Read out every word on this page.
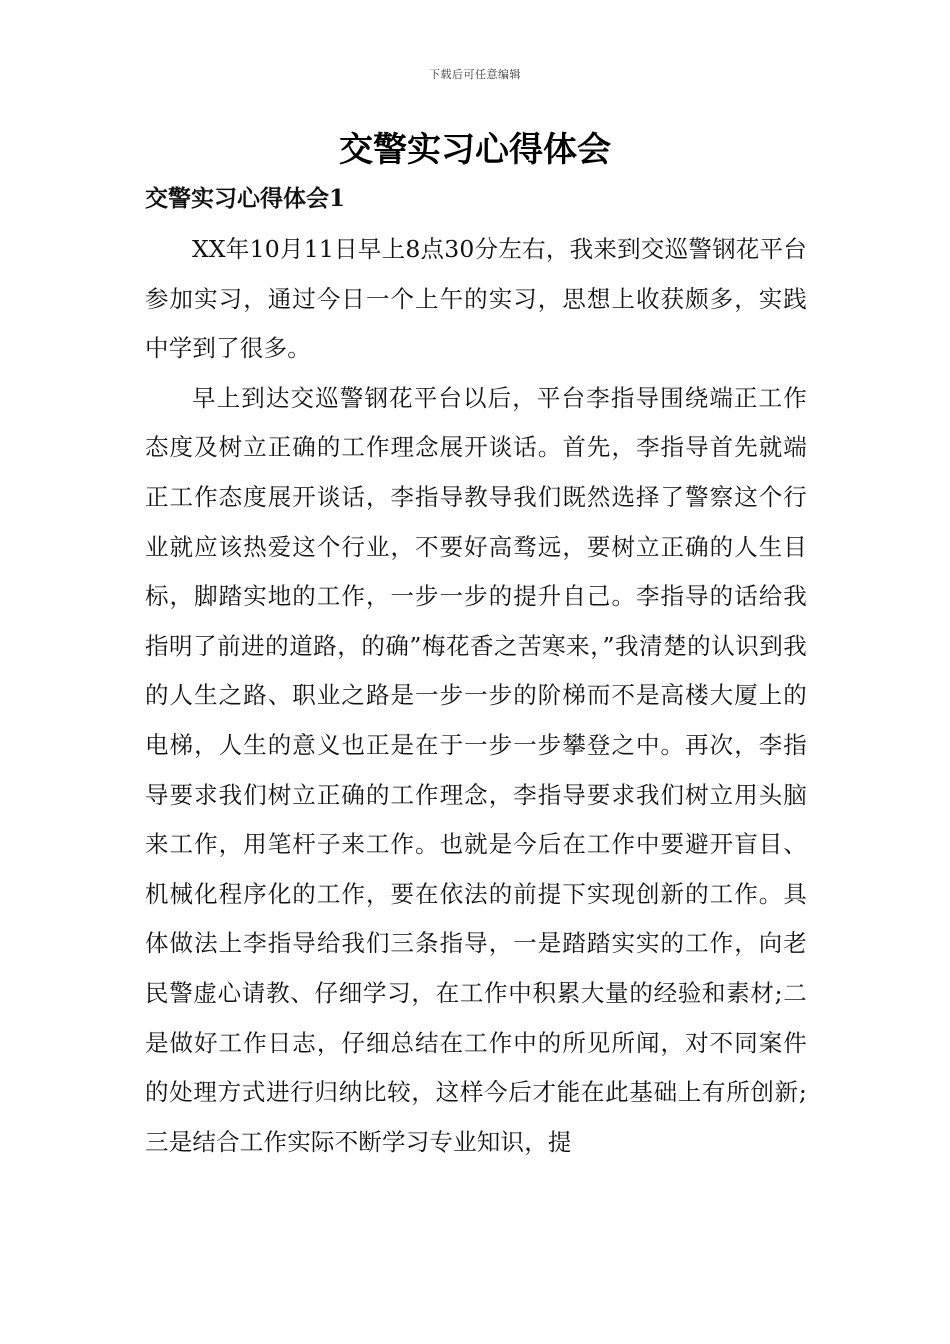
下载后可任意编辑
交警实习心得体会
交警实习心得体会1

XX年10月11日早上8点30分左右，我来到交巡警钢花平台参加实习，通过今日一个上午的实习，思想上收获颇多，实践中学到了很多。

早上到达交巡警钢花平台以后，平台李指导围绕端正工作态度及树立正确的工作理念展开谈话。首先，李指导首先就端正工作态度展开谈话，李指导教导我们既然选择了警察这个行业就应该热爱这个行业，不要好高骛远，要树立正确的人生目标，脚踏实地的工作，一步一步的提升自己。李指导的话给我指明了前进的道路，的确”梅花香之苦寒来，”我清楚的认识到我的人生之路、职业之路是一步一步的阶梯而不是高楼大厦上的电梯，人生的意义也正是在于一步一步攀登之中。再次，李指导要求我们树立正确的工作理念，李指导要求我们树立用头脑来工作，用笔杆子来工作。也就是今后在工作中要避开盲目、机械化程序化的工作，要在依法的前提下实现创新的工作。具体做法上李指导给我们三条指导，一是踏踏实实的工作，向老民警虚心请教、仔细学习，在工作中积累大量的经验和素材;二是做好工作日志，仔细总结在工作中的所见所闻，对不同案件的处理方式进行归纳比较，这样今后才能在此基础上有所创新;三是结合工作实际不断学习专业知识，提
